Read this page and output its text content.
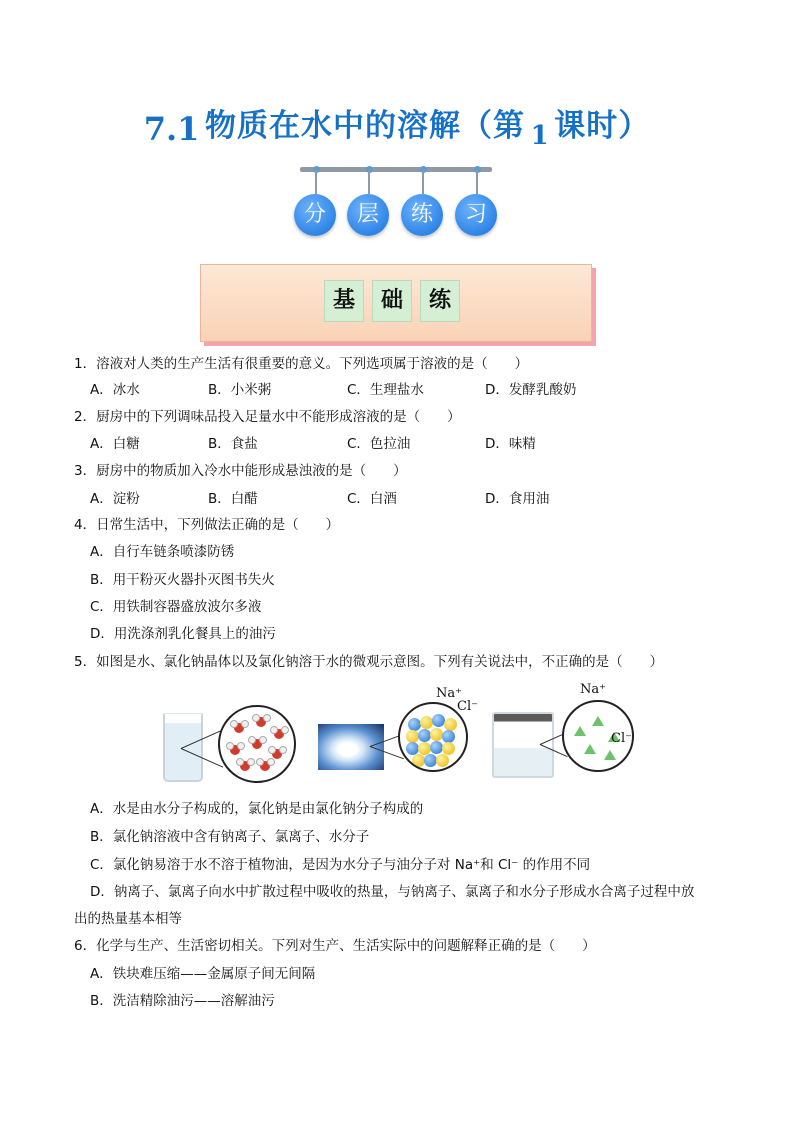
7.1 物质在水中的溶解（第 1 课时）
分	层	练	习
基	础	练
1．溶液对人类的生产生活有很重要的意义。下列选项属于溶液的是（　　）
A．冰水	B．小米粥	C．生理盐水	D．发酵乳酸奶
2．厨房中的下列调味品投入足量水中不能形成溶液的是（　　）
A．白糖	B．食盐	C．色拉油	D．味精
3．厨房中的物质加入冷水中能形成悬浊液的是（　　）
A．淀粉	B．白醋	C．白酒	D．食用油
4．日常生活中，下列做法正确的是（　　）
A．自行车链条喷漆防锈
B．用干粉灭火器扑灭图书失火
C．用铁制容器盛放波尔多液
D．用洗涤剂乳化餐具上的油污
5．如图是水、氯化钠晶体以及氯化钠溶于水的微观示意图。下列有关说法中，不正确的是（　　）
Na⁺
Cl⁻
Na⁺
Cl⁻
A．水是由水分子构成的，氯化钠是由氯化钠分子构成的
B．氯化钠溶液中含有钠离子、氯离子、水分子
C．氯化钠易溶于水不溶于植物油，是因为水分子与油分子对 Na⁺和 Cl⁻ 的作用不同
D．钠离子、氯离子向水中扩散过程中吸收的热量，与钠离子、氯离子和水分子形成水合离子过程中放
出的热量基本相等
6．化学与生产、生活密切相关。下列对生产、生活实际中的问题解释正确的是（　　）
A．铁块难压缩——金属原子间无间隔
B．洗洁精除油污——溶解油污
